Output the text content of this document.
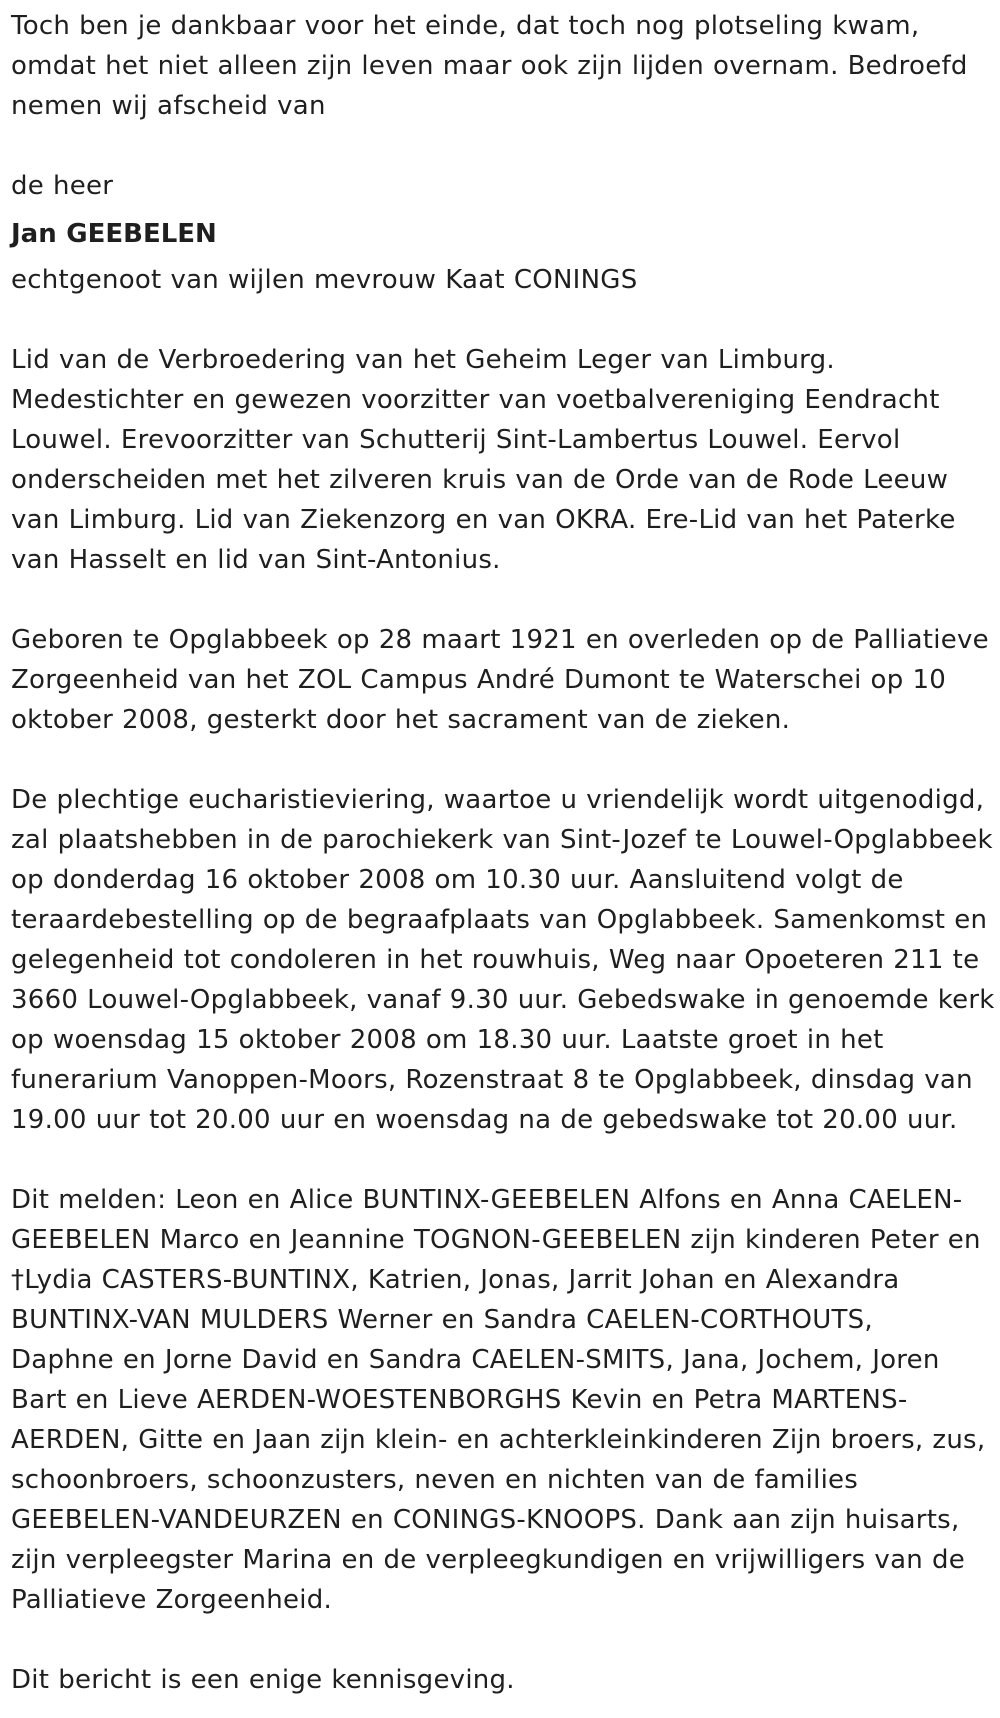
Toch ben je dankbaar voor het einde, dat toch nog plotseling kwam,
omdat het niet alleen zijn leven maar ook zijn lijden overnam. Bedroefd
nemen wij afscheid van

de heer

Jan GEEBELEN

echtgenoot van wijlen mevrouw Kaat CONINGS

Lid van de Verbroedering van het Geheim Leger van Limburg.
Medestichter en gewezen voorzitter van voetbalvereniging Eendracht
Louwel. Erevoorzitter van Schutterij Sint-Lambertus Louwel. Eervol
onderscheiden met het zilveren kruis van de Orde van de Rode Leeuw
van Limburg. Lid van Ziekenzorg en van OKRA. Ere-Lid van het Paterke
van Hasselt en lid van Sint-Antonius.

Geboren te Opglabbeek op 28 maart 1921 en overleden op de Palliatieve
Zorgeenheid van het ZOL Campus André Dumont te Waterschei op 10
oktober 2008, gesterkt door het sacrament van de zieken.

De plechtige eucharistieviering, waartoe u vriendelijk wordt uitgenodigd,
zal plaatshebben in de parochiekerk van Sint-Jozef te Louwel-Opglabbeek
op donderdag 16 oktober 2008 om 10.30 uur. Aansluitend volgt de
teraardebestelling op de begraafplaats van Opglabbeek. Samenkomst en
gelegenheid tot condoleren in het rouwhuis, Weg naar Opoeteren 211 te
3660 Louwel-Opglabbeek, vanaf 9.30 uur. Gebedswake in genoemde kerk
op woensdag 15 oktober 2008 om 18.30 uur. Laatste groet in het
funerarium Vanoppen-Moors, Rozenstraat 8 te Opglabbeek, dinsdag van
19.00 uur tot 20.00 uur en woensdag na de gebedswake tot 20.00 uur.

Dit melden: Leon en Alice BUNTINX-GEEBELEN Alfons en Anna CAELEN-
GEEBELEN Marco en Jeannine TOGNON-GEEBELEN zijn kinderen Peter en
†Lydia CASTERS-BUNTINX, Katrien, Jonas, Jarrit Johan en Alexandra
BUNTINX-VAN MULDERS Werner en Sandra CAELEN-CORTHOUTS,
Daphne en Jorne David en Sandra CAELEN-SMITS, Jana, Jochem, Joren
Bart en Lieve AERDEN-WOESTENBORGHS Kevin en Petra MARTENS-
AERDEN, Gitte en Jaan zijn klein- en achterkleinkinderen Zijn broers, zus,
schoonbroers, schoonzusters, neven en nichten van de families
GEEBELEN-VANDEURZEN en CONINGS-KNOOPS. Dank aan zijn huisarts,
zijn verpleegster Marina en de verpleegkundigen en vrijwilligers van de
Palliatieve Zorgeenheid.

Dit bericht is een enige kennisgeving.
